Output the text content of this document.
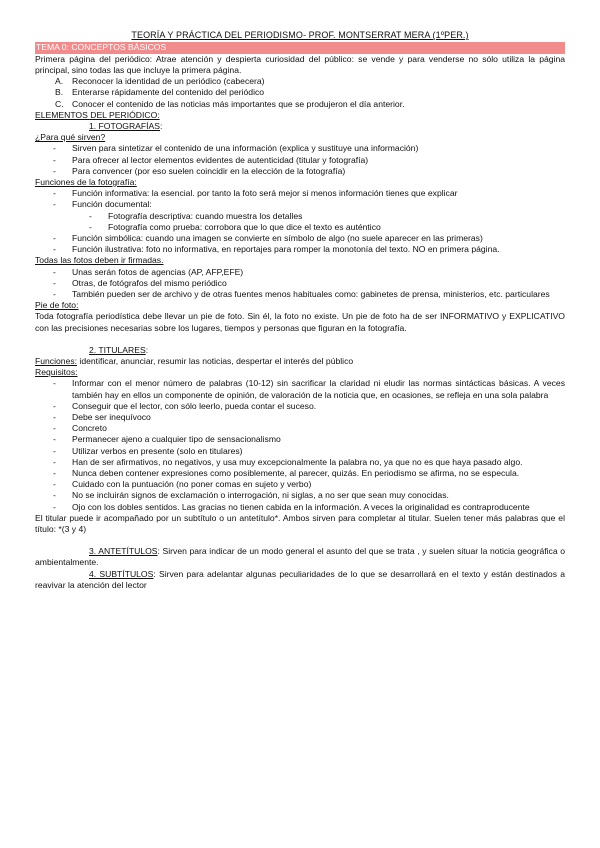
TEORÍA Y PRÁCTICA DEL PERIODISMO- PROF. MONTSERRAT MERA (1ºPER.)
TEMA 0: CONCEPTOS BÁSICOS
Primera página del periódico: Atrae atención y despierta curiosidad del público: se vende y para venderse no sólo utiliza la página principal, sino todas las que incluye la primera página.
A. Reconocer la identidad de un periódico (cabecera)
B. Enterarse rápidamente del contenido del periódico
C. Conocer el contenido de las noticias más importantes que se produjeron el día anterior.
ELEMENTOS DEL PERIÓDICO:
1. FOTOGRAFÍAS:
¿Para qué sirven?
- Sirven para sintetizar el contenido de una información (explica y sustituye una información)
- Para ofrecer al lector elementos evidentes de autenticidad (titular y fotografía)
- Para convencer (por eso suelen coincidir en la elección de la fotografía)
Funciones de la fotografía:
- Función informativa: la esencial. por tanto la foto será mejor si menos información tienes que explicar
- Función documental:
- Fotografía descriptiva: cuando muestra los detalles
- Fotografía como prueba: corrobora que lo que dice el texto es auténtico
- Función simbólica: cuando una imagen se convierte en símbolo de algo (no suele aparecer en las primeras)
- Función ilustrativa: foto no informativa, en reportajes para romper la monotonía del texto. NO en primera página.
Todas las fotos deben ir firmadas.
- Unas serán fotos de agencias (AP, AFP,EFE)
- Otras, de fotógrafos del mismo periódico
- También pueden ser de archivo y de otras fuentes menos habituales como: gabinetes de prensa, ministerios, etc. particulares
Pie de foto:
Toda fotografía periodística debe llevar un pie de foto. Sin él, la foto no existe. Un pie de foto ha de ser INFORMATIVO y EXPLICATIVO con las precisiones necesarias sobre los lugares, tiempos y personas que figuran en la fotografía.
2. TITULARES:
Funciones: identificar, anunciar, resumir las noticias, despertar el interés del público
Requisitos:
- Informar con el menor número de palabras (10-12) sin sacrificar la claridad ni eludir las normas sintácticas básicas. A veces también hay en ellos un componente de opinión, de valoración de la noticia que, en ocasiones, se refleja en una sola palabra
- Conseguir que el lector, con sólo leerlo, pueda contar el suceso.
- Debe ser inequívoco
- Concreto
- Permanecer ajeno a cualquier tipo de sensacionalismo
- Utilizar verbos en presente (solo en titulares)
- Han de ser afirmativos, no negativos, y usa muy excepcionalmente la palabra no, ya que no es que haya pasado algo.
- Nunca deben contener expresiones como posiblemente, al parecer, quizás. En periodismo se afirma, no se especula.
- Cuidado con la puntuación (no poner comas en sujeto y verbo)
- No se incluirán signos de exclamación o interrogación, ni siglas, a no ser que sean muy conocidas.
- Ojo con los dobles sentidos. Las gracias no tienen cabida en la información. A veces la originalidad es contraproducente
El titular puede ir acompañado por un subtítulo o un antetítulo*. Ambos sirven para completar al titular. Suelen tener más palabras que el título: *(3 y 4)
3. ANTETÍTULOS: Sirven para indicar de un modo general el asunto del que se trata , y suelen situar la noticia geográfica o ambientalmente.
4. SUBTÍTULOS: Sirven para adelantar algunas peculiaridades de lo que se desarrollará en el texto y están destinados a reavivar la atención del lector
